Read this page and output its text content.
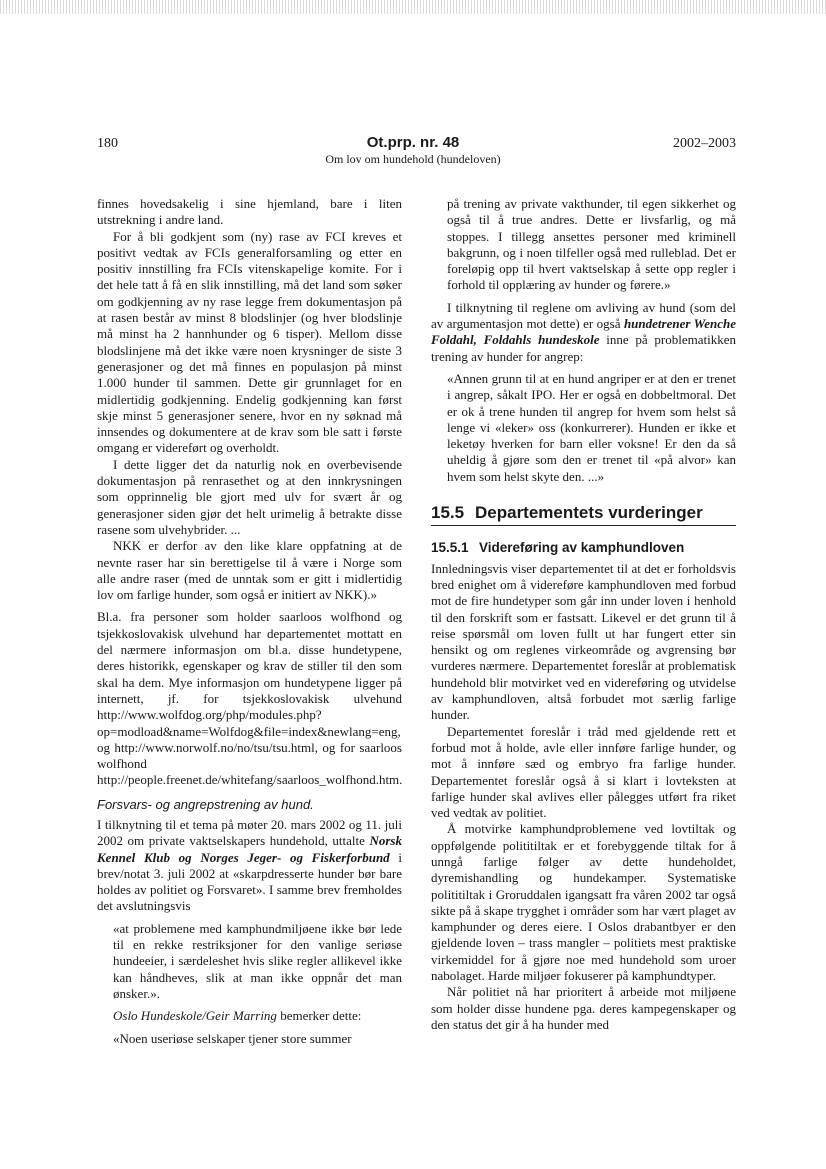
180	Ot.prp. nr. 48
Om lov om hundehold (hundeloven)
2002–2003

finnes hovedsakelig i sine hjemland, bare i liten utstrekning i andre land.

For å bli godkjent som (ny) rase av FCI kreves et positivt vedtak av FCIs generalforsamling og etter en positiv innstilling fra FCIs vitenskapelige komite. For i det hele tatt å få en slik innstilling, må det land som søker om godkjenning av ny rase legge frem dokumentasjon på at rasen består av minst 8 blodslinjer (og hver blodslinje må minst ha 2 hannhunder og 6 tisper). Mellom disse blodslinjene må det ikke være noen krysninger de siste 3 generasjoner og det må finnes en populasjon på minst 1.000 hunder til sammen. Dette gir grunnlaget for en midlertidig godkjenning. Endelig godkjenning kan først skje minst 5 generasjoner senere, hvor en ny søknad må innsendes og dokumentere at de krav som ble satt i første omgang er videreført og overholdt.

I dette ligger det da naturlig nok en overbevisende dokumentasjon på renrasethet og at den innkrysningen som opprinnelig ble gjort med ulv for svært år og generasjoner siden gjør det helt urimelig å betrakte disse rasene som ulvehybrider. ...

NKK er derfor av den like klare oppfatning at de nevnte raser har sin berettigelse til å være i Norge som alle andre raser (med de unntak som er gitt i midlertidig lov om farlige hunder, som også er initiert av NKK).»

Bl.a. fra personer som holder saarloos wolfhond og tsjekkoslovakisk ulvehund har departementet mottatt en del nærmere informasjon om bl.a. disse hundetypene, deres historikk, egenskaper og krav de stiller til den som skal ha dem. Mye informasjon om hundetypene ligger på internett, jf. for tsjekkoslovakisk ulvehund http://www.wolfdog.org/php/modules.php?op=modload&name=Wolfdog&file=index&newlang=eng, og http://www.norwolf.no/no/tsu/tsu.html, og for saarloos wolfhond http://people.freenet.de/whitefang/saarloos_wolfhond.htm.

Forsvars- og angrepstrening av hund.

I tilknytning til et tema på møter 20. mars 2002 og 11. juli 2002 om private vaktselskapers hundehold, uttalte Norsk Kennel Klub og Norges Jeger- og Fiskerforbund i brev/notat 3. juli 2002 at «skarpdresserte hunder bør bare holdes av politiet og Forsvaret». I samme brev fremholdes det avslutningsvis

«at problemene med kamphundmiljøene ikke bør lede til en rekke restriksjoner for den vanlige seriøse hundeeier, i særdeleshet hvis slike regler allikevel ikke kan håndheves, slik at man ikke oppnår det man ønsker.».

Oslo Hundeskole/Geir Marring bemerker dette:

«Noen useriøse selskaper tjener store summer

på trening av private vakthunder, til egen sikkerhet og også til å true andres. Dette er livsfarlig, og må stoppes. I tillegg ansettes personer med kriminell bakgrunn, og i noen tilfeller også med rulleblad. Det er foreløpig opp til hvert vaktselskap å sette opp regler i forhold til opplæring av hunder og førere.»

I tilknytning til reglene om avliving av hund (som del av argumentasjon mot dette) er også hundetrener Wenche Foldahl, Foldahls hundeskole inne på problematikken trening av hunder for angrep:

«Annen grunn til at en hund angriper er at den er trenet i angrep, såkalt IPO. Her er også en dobbeltmoral. Det er ok å trene hunden til angrep for hvem som helst så lenge vi «leker» oss (konkurrerer). Hunden er ikke et leketøy hverken for barn eller voksne! Er den da så uheldig å gjøre som den er trenet til «på alvor» kan hvem som helst skyte den. ...»

15.5 Departementets vurderinger
15.5.1 Videreføring av kamphundloven

Innledningsvis viser departementet til at det er forholdsvis bred enighet om å videreføre kamphundloven med forbud mot de fire hundetyper som går inn under loven i henhold til den forskrift som er fastsatt. Likevel er det grunn til å reise spørsmål om loven fullt ut har fungert etter sin hensikt og om reglenes virkeområde og avgrensing bør vurderes nærmere. Departementet foreslår at problematisk hundehold blir motvirket ved en videreføring og utvidelse av kamphundloven, altså forbudet mot særlig farlige hunder.

Departementet foreslår i tråd med gjeldende rett et forbud mot å holde, avle eller innføre farlige hunder, og mot å innføre sæd og embryo fra farlige hunder. Departementet foreslår også å si klart i lovteksten at farlige hunder skal avlives eller pålegges utført fra riket ved vedtak av politiet.

Å motvirke kamphundproblemene ved lovtiltak og oppfølgende polititiltak er et forebyggende tiltak for å unngå farlige følger av dette hundeholdet, dyremishandling og hundekamper. Systematiske polititiltak i Groruddalen igangsatt fra våren 2002 tar også sikte på å skape trygghet i områder som har vært plaget av kamphunder og deres eiere. I Oslos drabantbyer er den gjeldende loven – trass mangler – politiets mest praktiske virkemiddel for å gjøre noe med hundehold som uroer nabolaget. Harde miljøer fokuserer på kamphundtyper.

Når politiet nå har prioritert å arbeide mot miljøene som holder disse hundene pga. deres kampegenskaper og den status det gir å ha hunder med
